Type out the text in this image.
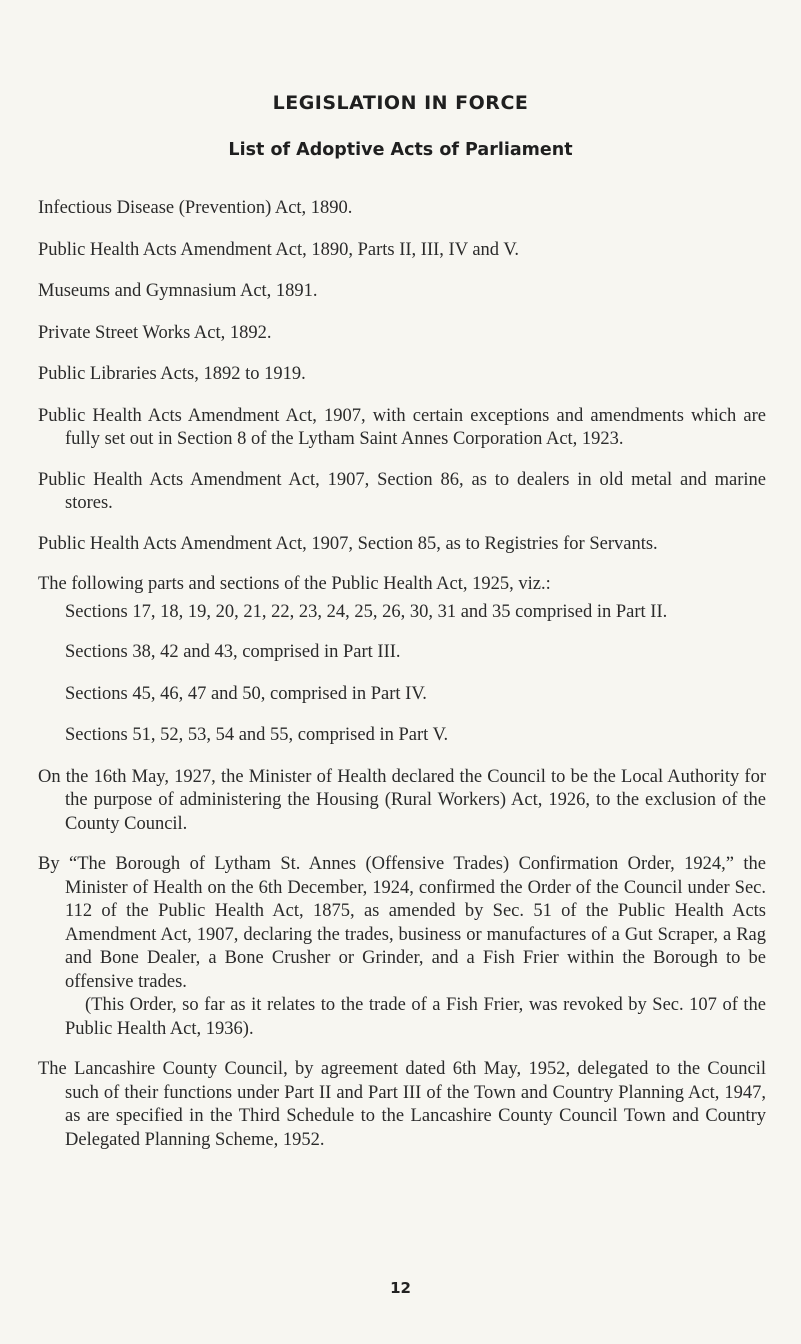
LEGISLATION IN FORCE
List of Adoptive Acts of Parliament

Infectious Disease (Prevention) Act, 1890.

Public Health Acts Amendment Act, 1890, Parts II, III, IV and V.

Museums and Gymnasium Act, 1891.

Private Street Works Act, 1892.

Public Libraries Acts, 1892 to 1919.

Public Health Acts Amendment Act, 1907, with certain exceptions and amendments which are fully set out in Section 8 of the Lytham Saint Annes Corporation Act, 1923.

Public Health Acts Amendment Act, 1907, Section 86, as to dealers in old metal and marine stores.

Public Health Acts Amendment Act, 1907, Section 85, as to Registries for Servants.

The following parts and sections of the Public Health Act, 1925, viz.:

Sections 17, 18, 19, 20, 21, 22, 23, 24, 25, 26, 30, 31 and 35 comprised in Part II.

Sections 38, 42 and 43, comprised in Part III.

Sections 45, 46, 47 and 50, comprised in Part IV.

Sections 51, 52, 53, 54 and 55, comprised in Part V.

On the 16th May, 1927, the Minister of Health declared the Council to be the Local Authority for the purpose of administering the Housing (Rural Workers) Act, 1926, to the exclusion of the County Council.

By “The Borough of Lytham St. Annes (Offensive Trades) Confirmation Order, 1924,” the Minister of Health on the 6th December, 1924, confirmed the Order of the Council under Sec. 112 of the Public Health Act, 1875, as amended by Sec. 51 of the Public Health Acts Amendment Act, 1907, declaring the trades, business or manufactures of a Gut Scraper, a Rag and Bone Dealer, a Bone Crusher or Grinder, and a Fish Frier within the Borough to be offensive trades.
(This Order, so far as it relates to the trade of a Fish Frier, was revoked by Sec. 107 of the Public Health Act, 1936).

The Lancashire County Council, by agreement dated 6th May, 1952, delegated to the Council such of their functions under Part II and Part III of the Town and Country Planning Act, 1947, as are specified in the Third Schedule to the Lancashire County Council Town and Country Delegated Planning Scheme, 1952.

12
